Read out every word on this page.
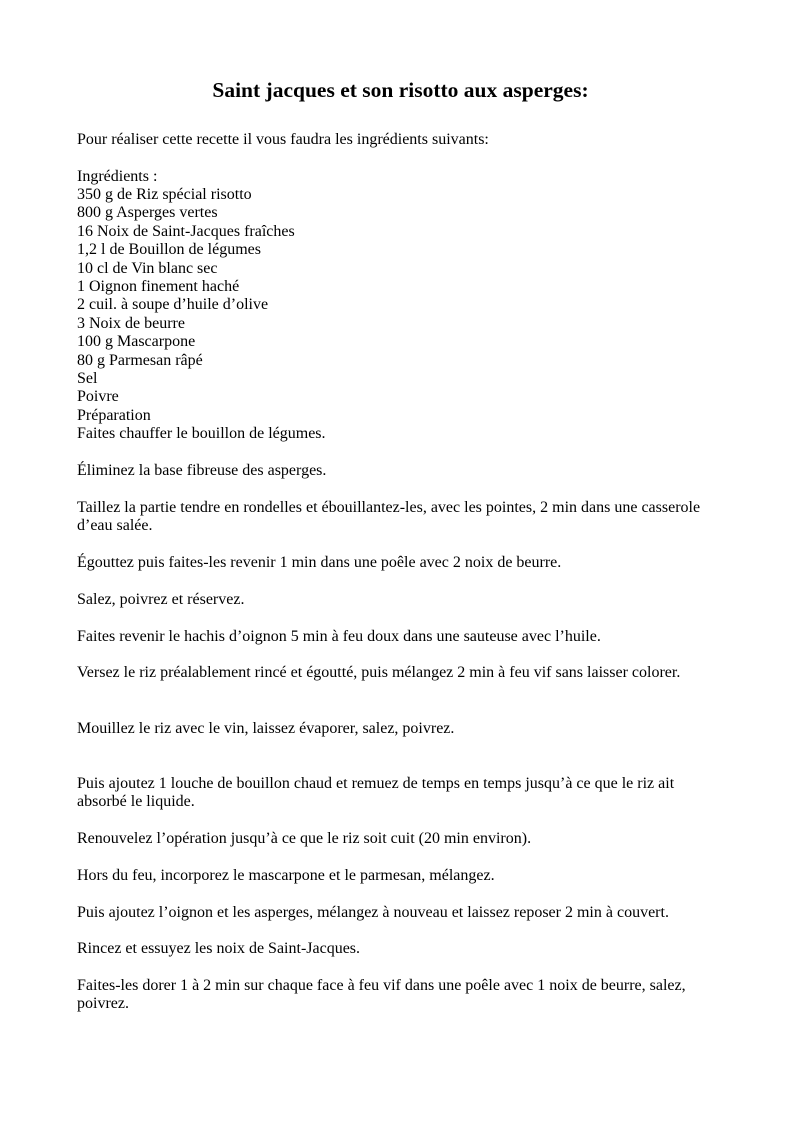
Saint jacques et son risotto aux asperges:

Pour réaliser cette recette il vous faudra les ingrédients suivants:

Ingrédients :

350 g de Riz spécial risotto
800 g Asperges vertes
16 Noix de Saint-Jacques fraîches
1,2 l de Bouillon de légumes
10 cl de Vin blanc sec
1 Oignon finement haché
2 cuil. à soupe d’huile d’olive
3 Noix de beurre
100 g Mascarpone
80 g Parmesan râpé
Sel
Poivre
Préparation
Faites chauffer le bouillon de légumes.

Éliminez la base fibreuse des asperges.

Taillez la partie tendre en rondelles et ébouillantez-les, avec les pointes, 2 min dans une casserole d’eau salée.

Égouttez puis faites-les revenir 1 min dans une poêle avec 2 noix de beurre.

Salez, poivrez et réservez.

Faites revenir le hachis d’oignon 5 min à feu doux dans une sauteuse avec l’huile.

Versez le riz préalablement rincé et égoutté, puis mélangez 2 min à feu vif sans laisser colorer.

Mouillez le riz avec le vin, laissez évaporer, salez, poivrez.

Puis ajoutez 1 louche de bouillon chaud et remuez de temps en temps jusqu’à ce que le riz ait absorbé le liquide.

Renouvelez l’opération jusqu’à ce que le riz soit cuit (20 min environ).

Hors du feu, incorporez le mascarpone et le parmesan, mélangez.

Puis ajoutez l’oignon et les asperges, mélangez à nouveau et laissez reposer 2 min à couvert.

Rincez et essuyez les noix de Saint-Jacques.

Faites-les dorer 1 à 2 min sur chaque face à feu vif dans une poêle avec 1 noix de beurre, salez, poivrez.
